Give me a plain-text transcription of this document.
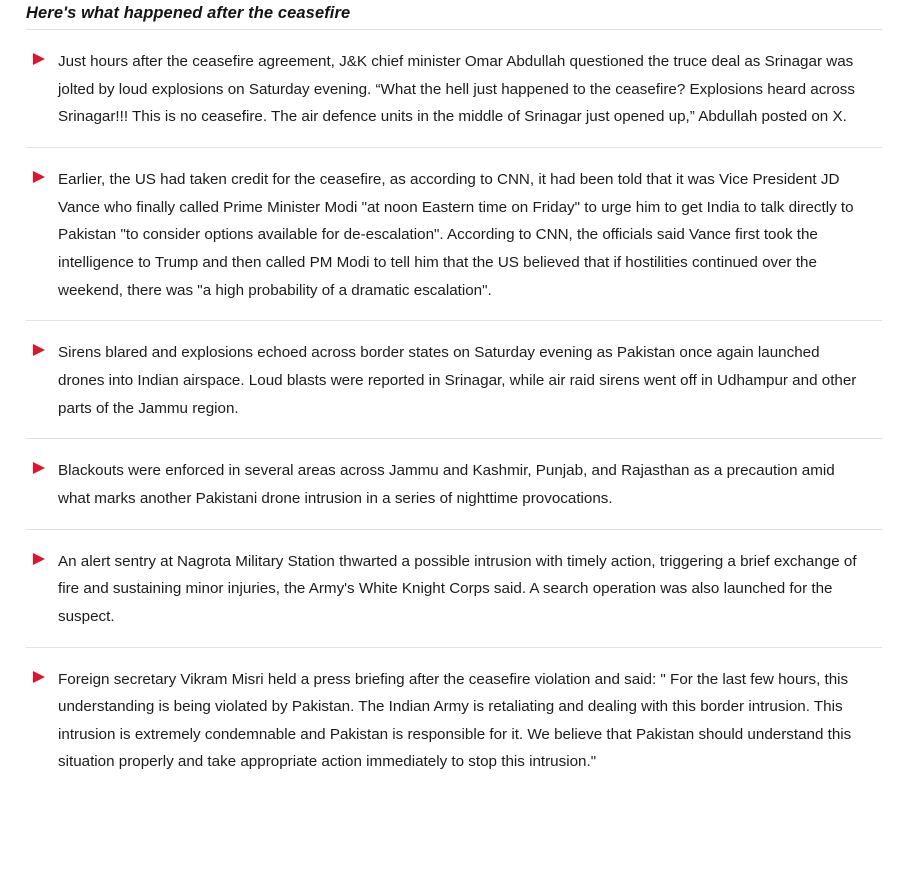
Here's what happened after the ceasefire
Just hours after the ceasefire agreement, J&K chief minister Omar Abdullah questioned the truce deal as Srinagar was jolted by loud explosions on Saturday evening. “What the hell just happened to the ceasefire? Explosions heard across Srinagar!!! This is no ceasefire. The air defence units in the middle of Srinagar just opened up,” Abdullah posted on X.
Earlier, the US had taken credit for the ceasefire, as according to CNN, it had been told that it was Vice President JD Vance who finally called Prime Minister Modi "at noon Eastern time on Friday" to urge him to get India to talk directly to Pakistan "to consider options available for de-escalation". According to CNN, the officials said Vance first took the intelligence to Trump and then called PM Modi to tell him that the US believed that if hostilities continued over the weekend, there was "a high probability of a dramatic escalation".
Sirens blared and explosions echoed across border states on Saturday evening as Pakistan once again launched drones into Indian airspace. Loud blasts were reported in Srinagar, while air raid sirens went off in Udhampur and other parts of the Jammu region.
Blackouts were enforced in several areas across Jammu and Kashmir, Punjab, and Rajasthan as a precaution amid what marks another Pakistani drone intrusion in a series of nighttime provocations.
An alert sentry at Nagrota Military Station thwarted a possible intrusion with timely action, triggering a brief exchange of fire and sustaining minor injuries, the Army's White Knight Corps said. A search operation was also launched for the suspect.
Foreign secretary Vikram Misri held a press briefing after the ceasefire violation and said: " For the last few hours, this understanding is being violated by Pakistan. The Indian Army is retaliating and dealing with this border intrusion. This intrusion is extremely condemnable and Pakistan is responsible for it. We believe that Pakistan should understand this situation properly and take appropriate action immediately to stop this intrusion."
